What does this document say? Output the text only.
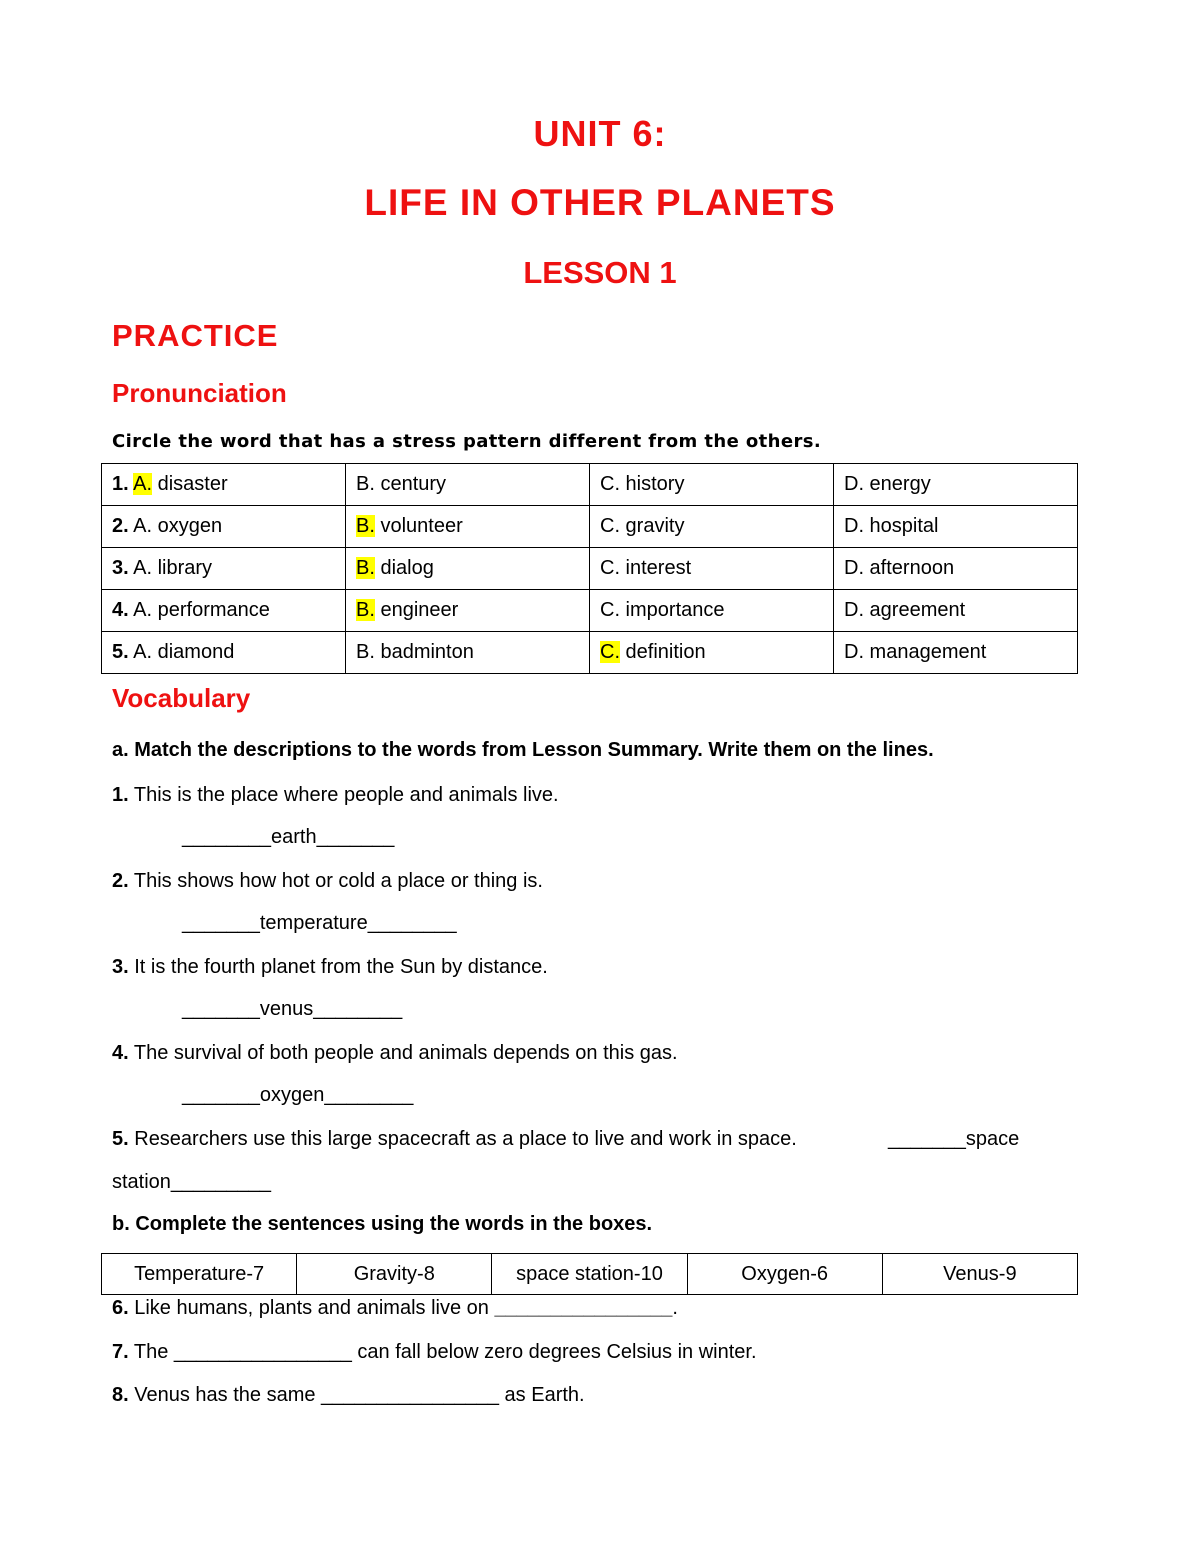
UNIT 6:
LIFE IN OTHER PLANETS
LESSON 1
PRACTICE
Pronunciation
Circle the word that has a stress pattern different from the others.
1. A. disaster	B. century	C. history	D. energy
2. A. oxygen	B. volunteer	C. gravity	D. hospital
3. A. library	B. dialog	C. interest	D. afternoon
4. A. performance	B. engineer	C. importance	D. agreement
5. A. diamond	B. badminton	C. definition	D. management
Vocabulary
a. Match the descriptions to the words from Lesson Summary. Write them on the lines.
1. This is the place where people and animals live.
________earth_______
2. This shows how hot or cold a place or thing is.
_______temperature________
3. It is the fourth planet from the Sun by distance.
_______venus________
4. The survival of both people and animals depends on this gas.
_______oxygen________
5. Researchers use this large spacecraft as a place to live and work in space.	_______space
station_________
b. Complete the sentences using the words in the boxes.
Temperature-7	Gravity-8	space station-10	Oxygen-6	Venus-9
6. Like humans, plants and animals live on ________________.
7. The ________________ can fall below zero degrees Celsius in winter.
8. Venus has the same ________________ as Earth.
